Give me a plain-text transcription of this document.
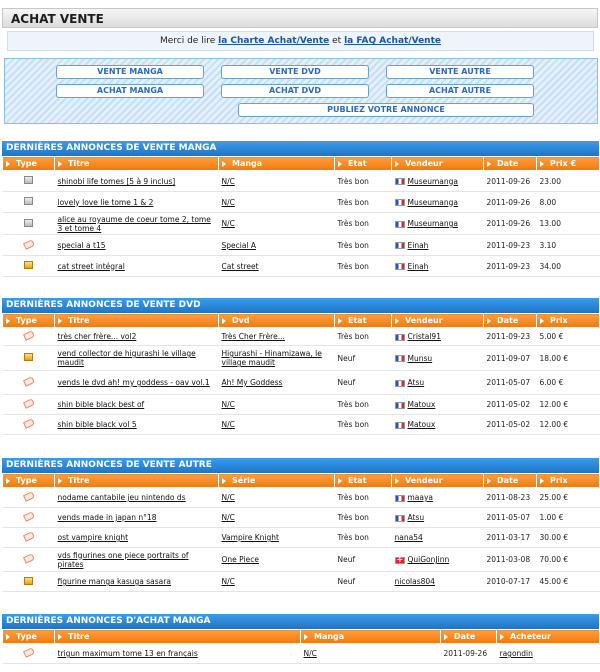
ACHAT VENTE
Merci de lire la Charte Achat/Vente et la FAQ Achat/Vente
VENTE MANGA	VENTE DVD	VENTE AUTRE
ACHAT MANGA	ACHAT DVD	ACHAT AUTRE
PUBLIEZ VOTRE ANNONCE
DERNIÈRES ANNONCES DE VENTE MANGA
Type	Titre	Manga	Etat	Vendeur	Date	Prix €
	shinobi life tomes [5 à 9 inclus]	N/C	Très bon	Museumanga	2011-09-26	23.00
	lovely love lie tome 1 & 2	N/C	Très bon	Museumanga	2011-09-26	8.00
	alice au royaume de coeur tome 2, tome 3 et tome 4	N/C	Très bon	Museumanga	2011-09-26	13.00
	special a t15	Special A	Très bon	Einah	2011-09-23	3.10
	cat street intégral	Cat street	Très bon	Einah	2011-09-23	34.00
DERNIÈRES ANNONCES DE VENTE DVD
Type	Titre	Dvd	Etat	Vendeur	Date	Prix
	très cher frère... vol2	Très Cher Frère...	Très bon	Cristal91	2011-09-23	5.00 €
	vend collector de higurashi le village maudit	Higurashi - Hinamizawa, le village maudit	Neuf	Munsu	2011-09-07	18.00 €
	vends le dvd ah! my goddess - oav vol.1	Ah! My Goddess	Neuf	Atsu	2011-05-07	6.00 €
	shin bible black best of	N/C	Très bon	Matoux	2011-05-02	12.00 €
	shin bible black vol 5	N/C	Très bon	Matoux	2011-05-02	12.00 €
DERNIÈRES ANNONCES DE VENTE AUTRE
Type	Titre	Série	Etat	Vendeur	Date	Prix
	nodame cantabile jeu nintendo ds	N/C	Très bon	maaya	2011-08-23	25.00 €
	vends made in japan n°18	N/C	Très bon	Atsu	2011-05-07	1.00 €
	ost vampire knight	Vampire Knight	Très bon	nana54	2011-03-17	30.00 €
	vds figurines one piece portraits of pirates	One Piece	Neuf	+QuiGonJinn	2011-03-08	70.00 €
	figurine manga kasuga sasara	N/C	Neuf	nicolas804	2010-07-17	45.00 €
DERNIÈRES ANNONCES D'ACHAT MANGA
Type	Titre	Manga	Date	Acheteur
	trigun maximum tome 13 en français	N/C	2011-09-26	ragondin
